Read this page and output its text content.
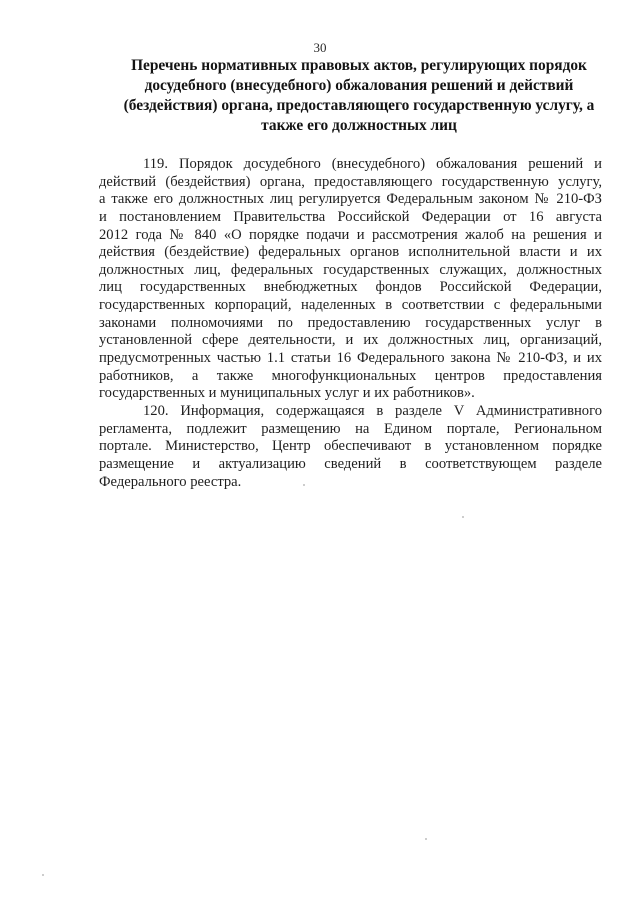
30
Перечень нормативных правовых актов, регулирующих порядок
досудебного (внесудебного) обжалования решений и действий
(бездействия) органа, предоставляющего государственную услугу, а
также его должностных лиц
119. Порядок досудебного (внесудебного) обжалования решений и
действий (бездействия) органа, предоставляющего государственную услугу,
а также его должностных лиц регулируется Федеральным законом № 210-ФЗ
и постановлением Правительства Российской Федерации от 16 августа
2012 года № 840 «О порядке подачи и рассмотрения жалоб на решения и
действия (бездействие) федеральных органов исполнительной власти и их
должностных лиц, федеральных государственных служащих, должностных
лиц государственных внебюджетных фондов Российской Федерации,
государственных корпораций, наделенных в соответствии с федеральными
законами полномочиями по предоставлению государственных услуг в
установленной сфере деятельности, и их должностных лиц, организаций,
предусмотренных частью 1.1 статьи 16 Федерального закона № 210-ФЗ, и их
работников, а также многофункциональных центров предоставления
государственных и муниципальных услуг и их работников».
120. Информация, содержащаяся в разделе V Административного
регламента, подлежит размещению на Едином портале, Региональном
портале. Министерство, Центр обеспечивают в установленном порядке
размещение и актуализацию сведений в соответствующем разделе
Федерального реестра.
